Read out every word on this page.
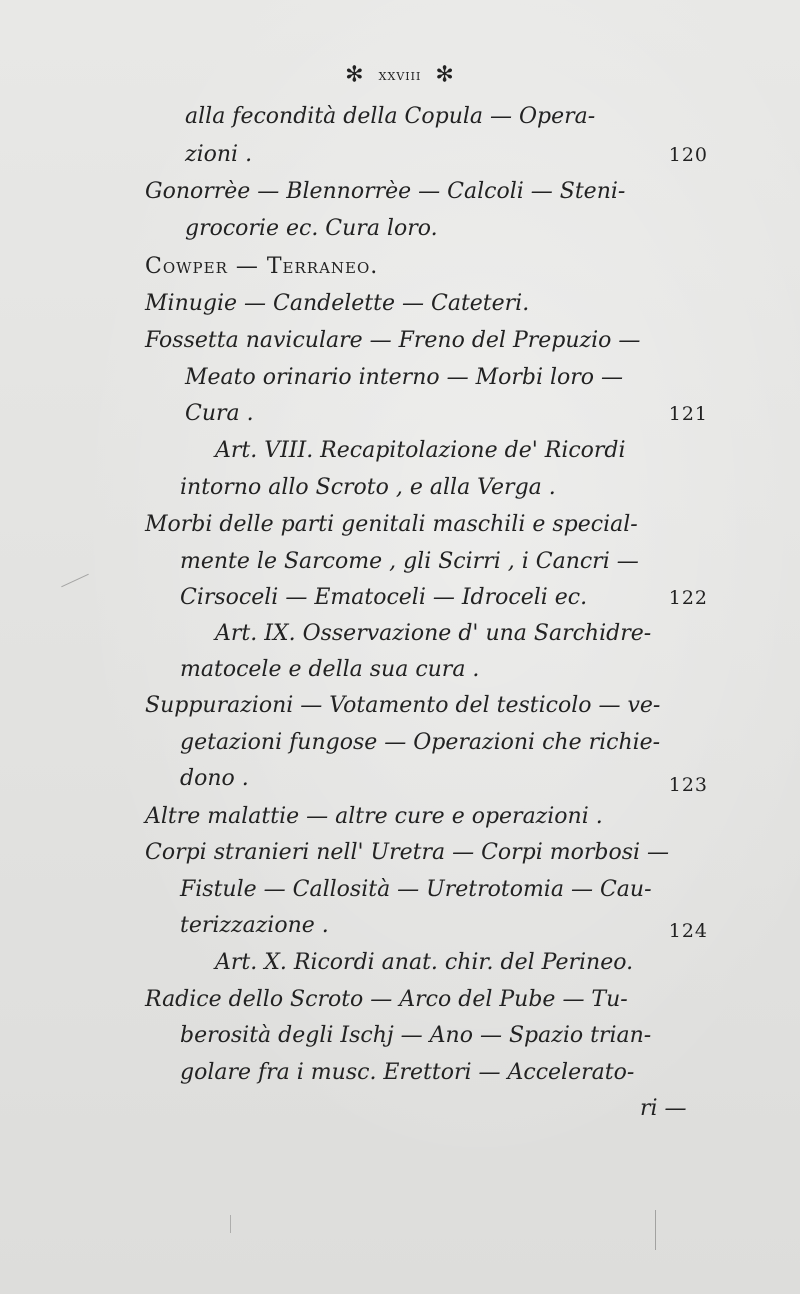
✻ xxviii ✻
alla fecondità della Copula — Opera-
zioni .	120
Gonorrèe — Blennorrèe — Calcoli — Steni-
grocorie ec. Cura loro.
Cowper — Terraneo.
Minugie — Candelette — Cateteri.
Fossetta naviculare — Freno del Prepuzio —
Meato orinario interno — Morbi loro —
Cura .	121
Art. VIII. Recapitolazione de' Ricordi
intorno allo Scroto , e alla Verga .
Morbi delle parti genitali maschili e special-
mente le Sarcome , gli Scirri , i Cancri —
Cirsoceli — Ematoceli — Idroceli ec.	122
Art. IX. Osservazione d' una Sarchidre-
matocele e della sua cura .
Suppurazioni — Votamento del testicolo — ve-
getazioni fungose — Operazioni che richie-
dono .	123
Altre malattie — altre cure e operazioni .
Corpi stranieri nell' Uretra — Corpi morbosi —
Fistule — Callosità — Uretrotomia — Cau-
terizzazione .	124
Art. X. Ricordi anat. chir. del Perineo.
Radice dello Scroto — Arco del Pube — Tu-
berosità degli Ischj — Ano — Spazio trian-
golare fra i musc. Erettori — Accelerato-
ri —
